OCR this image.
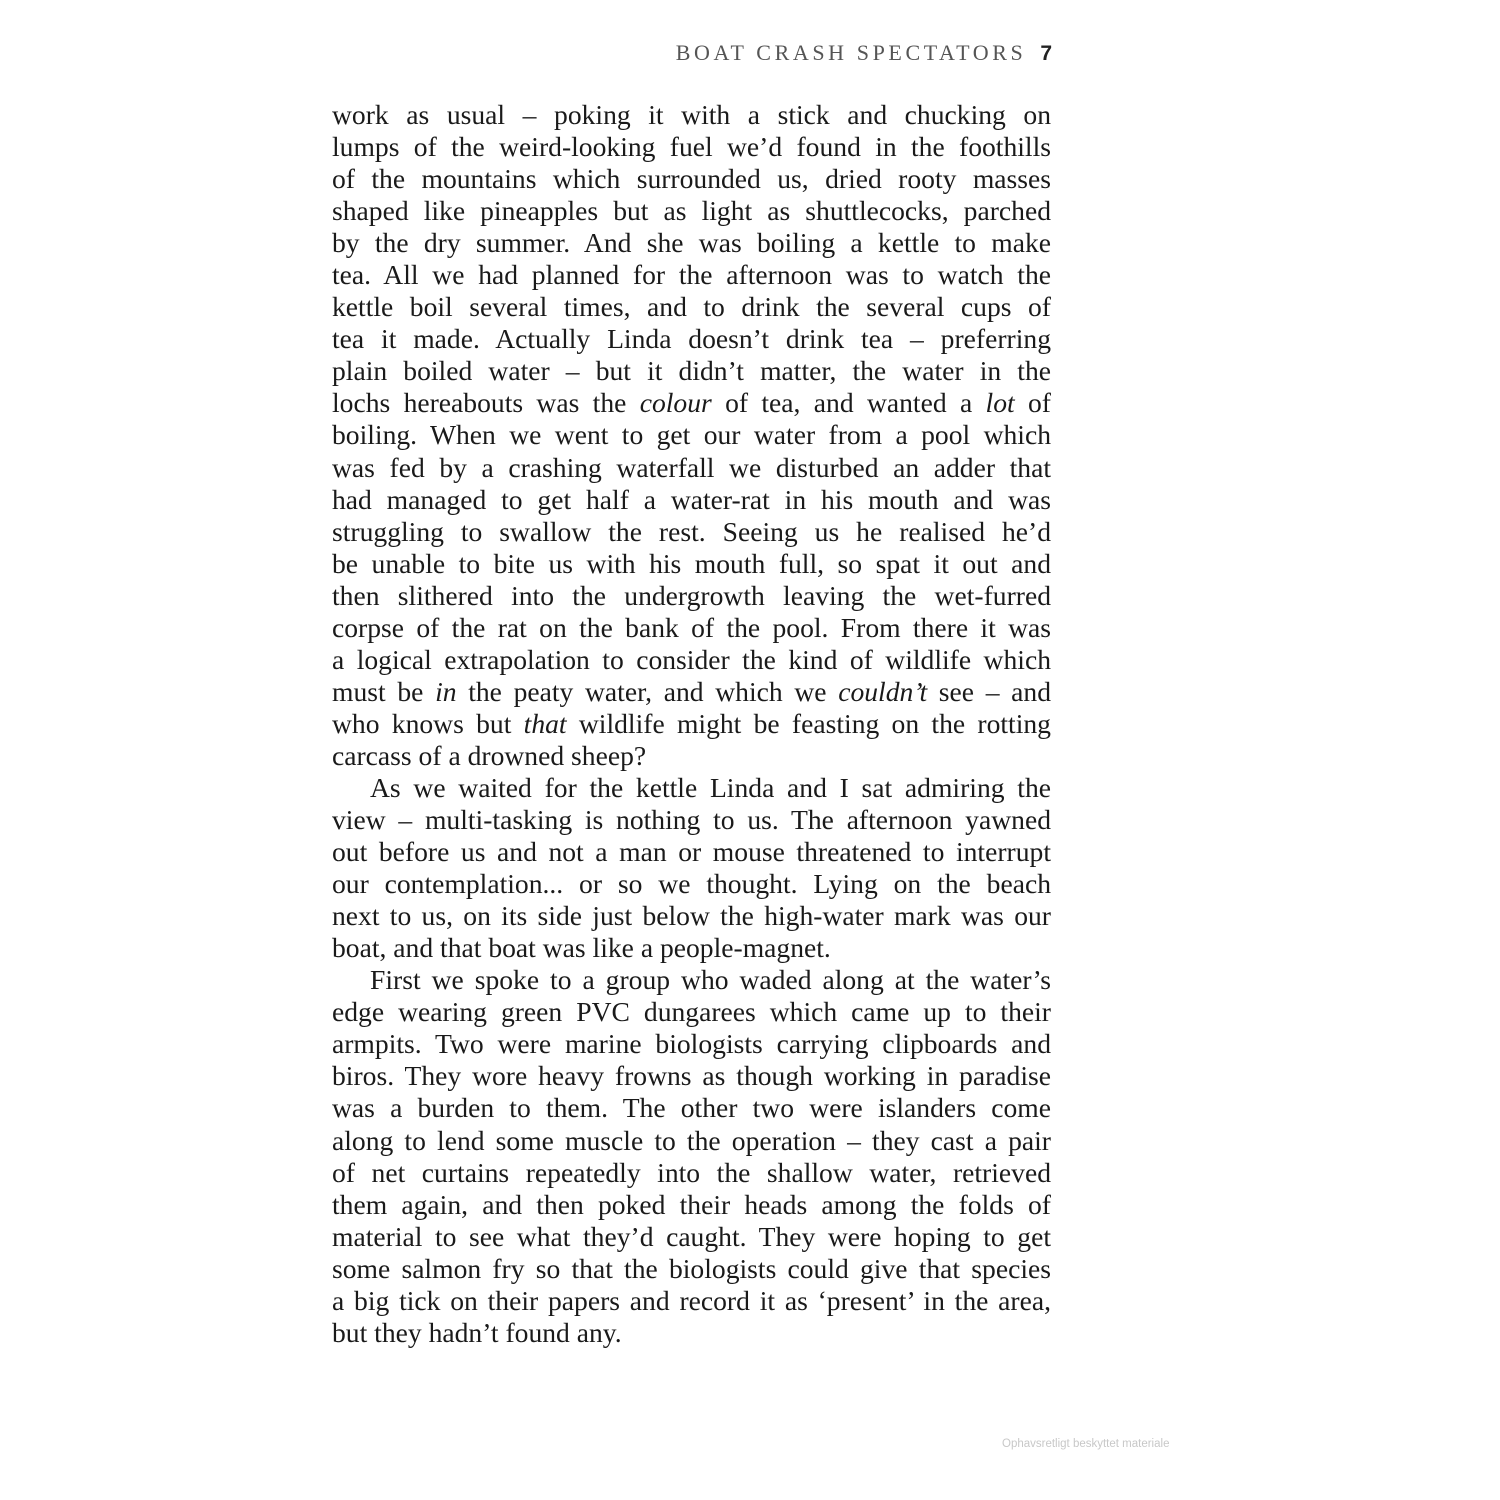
BOAT CRASH SPECTATORS 7
work as usual – poking it with a stick and chucking on
lumps of the weird-looking fuel we’d found in the foothills
of the mountains which surrounded us, dried rooty masses
shaped like pineapples but as light as shuttlecocks, parched
by the dry summer. And she was boiling a kettle to make
tea. All we had planned for the afternoon was to watch the
kettle boil several times, and to drink the several cups of
tea it made. Actually Linda doesn’t drink tea – preferring
plain boiled water – but it didn’t matter, the water in the
lochs hereabouts was the colour of tea, and wanted a lot of
boiling. When we went to get our water from a pool which
was fed by a crashing waterfall we disturbed an adder that
had managed to get half a water-rat in his mouth and was
struggling to swallow the rest. Seeing us he realised he’d
be unable to bite us with his mouth full, so spat it out and
then slithered into the undergrowth leaving the wet-furred
corpse of the rat on the bank of the pool. From there it was
a logical extrapolation to consider the kind of wildlife which
must be in the peaty water, and which we couldn’t see – and
who knows but that wildlife might be feasting on the rotting
carcass of a drowned sheep?
As we waited for the kettle Linda and I sat admiring the
view – multi-tasking is nothing to us. The afternoon yawned
out before us and not a man or mouse threatened to interrupt
our contemplation... or so we thought. Lying on the beach
next to us, on its side just below the high-water mark was our
boat, and that boat was like a people-magnet.
First we spoke to a group who waded along at the water’s
edge wearing green PVC dungarees which came up to their
armpits. Two were marine biologists carrying clipboards and
biros. They wore heavy frowns as though working in paradise
was a burden to them. The other two were islanders come
along to lend some muscle to the operation – they cast a pair
of net curtains repeatedly into the shallow water, retrieved
them again, and then poked their heads among the folds of
material to see what they’d caught. They were hoping to get
some salmon fry so that the biologists could give that species
a big tick on their papers and record it as ‘present’ in the area,
but they hadn’t found any.
Ophavsretligt beskyttet materiale
